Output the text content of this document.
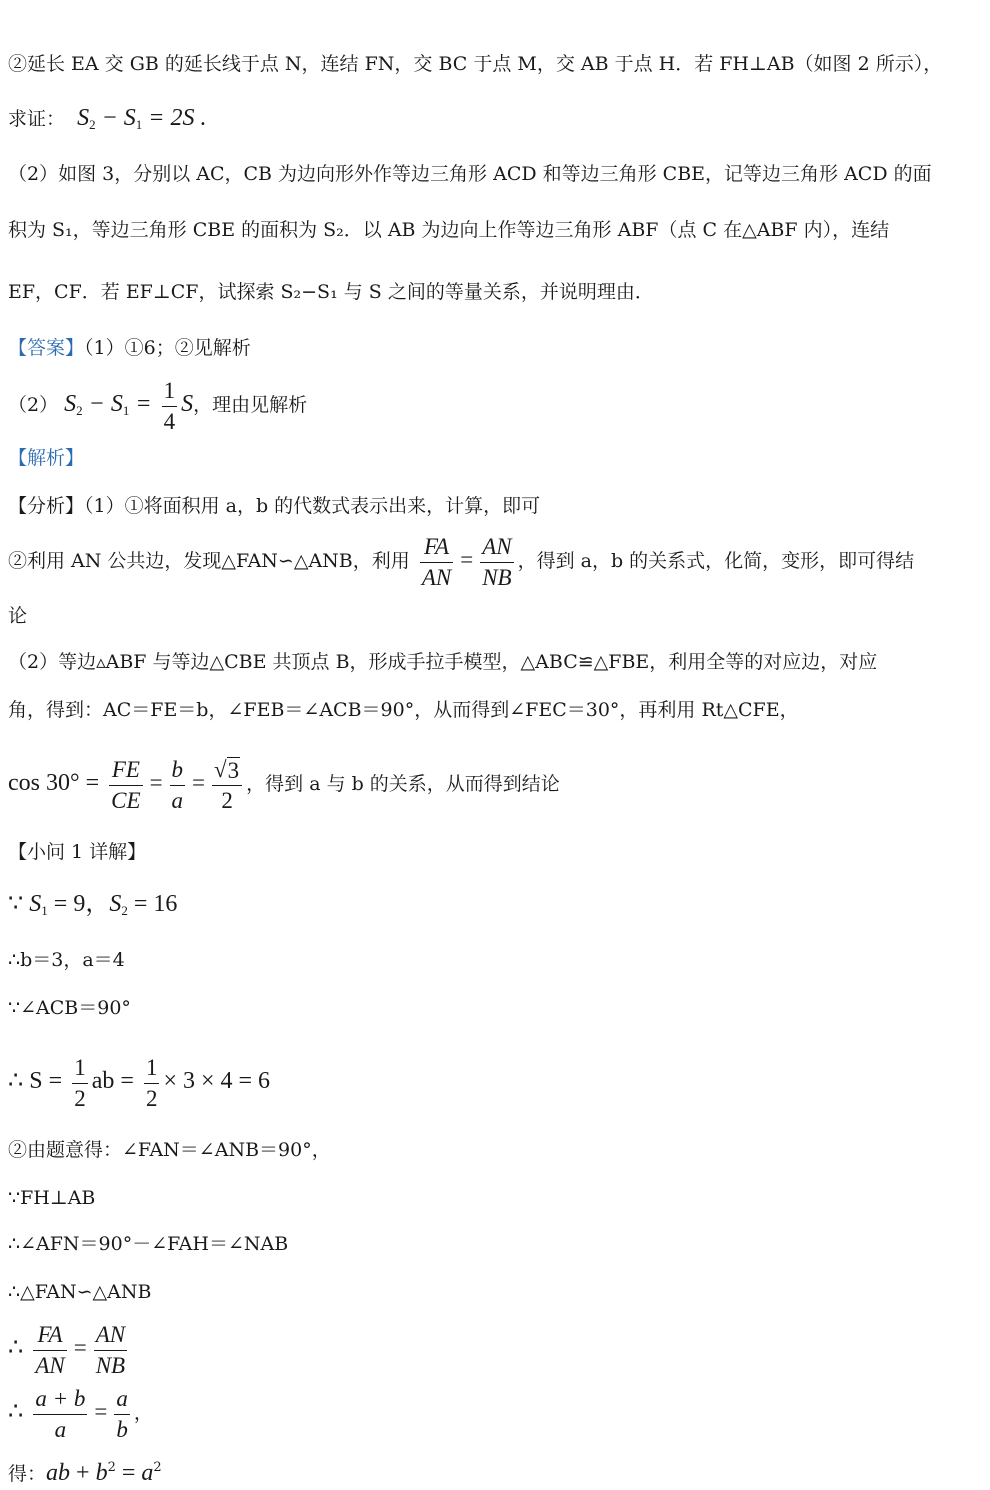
②延长 EA 交 GB 的延长线于点 N，连结 FN，交 BC 于点 M，交 AB 于点 H．若 FH⊥AB（如图 2 所示），
求证：  $S_2 - S_1 = 2S$ .
（2）如图 3，分别以 AC，CB 为边向形外作等边三角形 ACD 和等边三角形 CBE，记等边三角形 ACD 的面
积为 S₁，等边三角形 CBE 的面积为 S₂．以 AB 为边向上作等边三角形 ABF（点 C 在△ABF 内），连结
EF，CF．若 EF⊥CF，试探索 S₂−S₁ 与 S 之间的等量关系，并说明理由．
【答案】（1）①6；②见解析
（2） $S_2 - S_1 = \frac{1}{4}$ S，理由见解析
【解析】
【分析】（1）①将面积用 a，b 的代数式表示出来，计算，即可
②利用 AN 公共边，发现△FAN∽△ANB，利用 $\frac{FA}{AN} = \frac{AN}{NB}$ ，得到 a，b 的关系式，化简，变形，即可得结
论
（2）等边▵ABF 与等边△CBE 共顶点 B，形成手拉手模型，△ABC≌△FBE，利用全等的对应边，对应
角，得到：AC＝FE＝b，∠FEB＝∠ACB＝90°，从而得到∠FEC＝30°，再利用 Rt△CFE，
$\cos 30^\circ = \frac{FE}{CE} = \frac{b}{a} = \frac{√ 3}{2}$ ，得到 a 与 b 的关系，从而得到结论
【小问 1 详解】
∵ $S_1 = 9$，$S_2 = 16$
∴b＝3，a＝4
∵∠ACB＝90°
∴ $S = \frac{1}{2}$ ab = $\frac{1}{2} \times 3 \times 4 = 6$
②由题意得：∠FAN＝∠ANB＝90°，
∵FH⊥AB
∴∠AFN＝90°－∠FAH＝∠NAB
∴△FAN∽△ANB
∴ $\frac{FA}{AN} = \frac{AN}{NB}$
∴ $\frac{a + b}{a} = \frac{a}{b}$ ，
得：ab + $b^2 = a^2$
